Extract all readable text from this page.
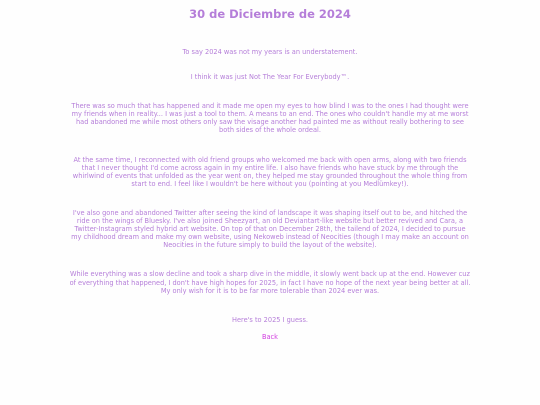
30 de Diciembre de 2024

To say 2024 was not my years is an understatement.

I think it was just Not The Year For Everybody™.

There was so much that has happened and it made me open my eyes to how blind I was to the ones I had thought were my friends when in reality... I was just a tool to them. A means to an end. The ones who couldn't handle my at me worst had abandoned me while most others only saw the visage another had painted me as without really bothering to see both sides of the whole ordeal.

At the same time, I reconnected with old friend groups who welcomed me back with open arms, along with two friends that I never thought I'd come across again in my entire life. I also have friends who have stuck by me through the whirlwind of events that unfolded as the year went on, they helped me stay grounded throughout the whole thing from start to end. I feel like I wouldn't be here without you (pointing at you Medlümkey!).

I've also gone and abandoned Twitter after seeing the kind of landscape it was shaping itself out to be, and hitched the ride on the wings of Bluesky. I've also joined Sheezyart, an old Deviantart-like website but better revived and Cara, a Twitter-Instagram styled hybrid art website. On top of that on December 28th, the tailend of 2024, I decided to pursue my childhood dream and make my own website, using Nekoweb instead of Neocities (though I may make an account on Neocities in the future simply to build the layout of the website).

While everything was a slow decline and took a sharp dive in the middle, it slowly went back up at the end. However cuz of everything that happened, I don't have high hopes for 2025, in fact I have no hope of the next year being better at all. My only wish for it is to be far more tolerable than 2024 ever was.

Here's to 2025 I guess.

Back
